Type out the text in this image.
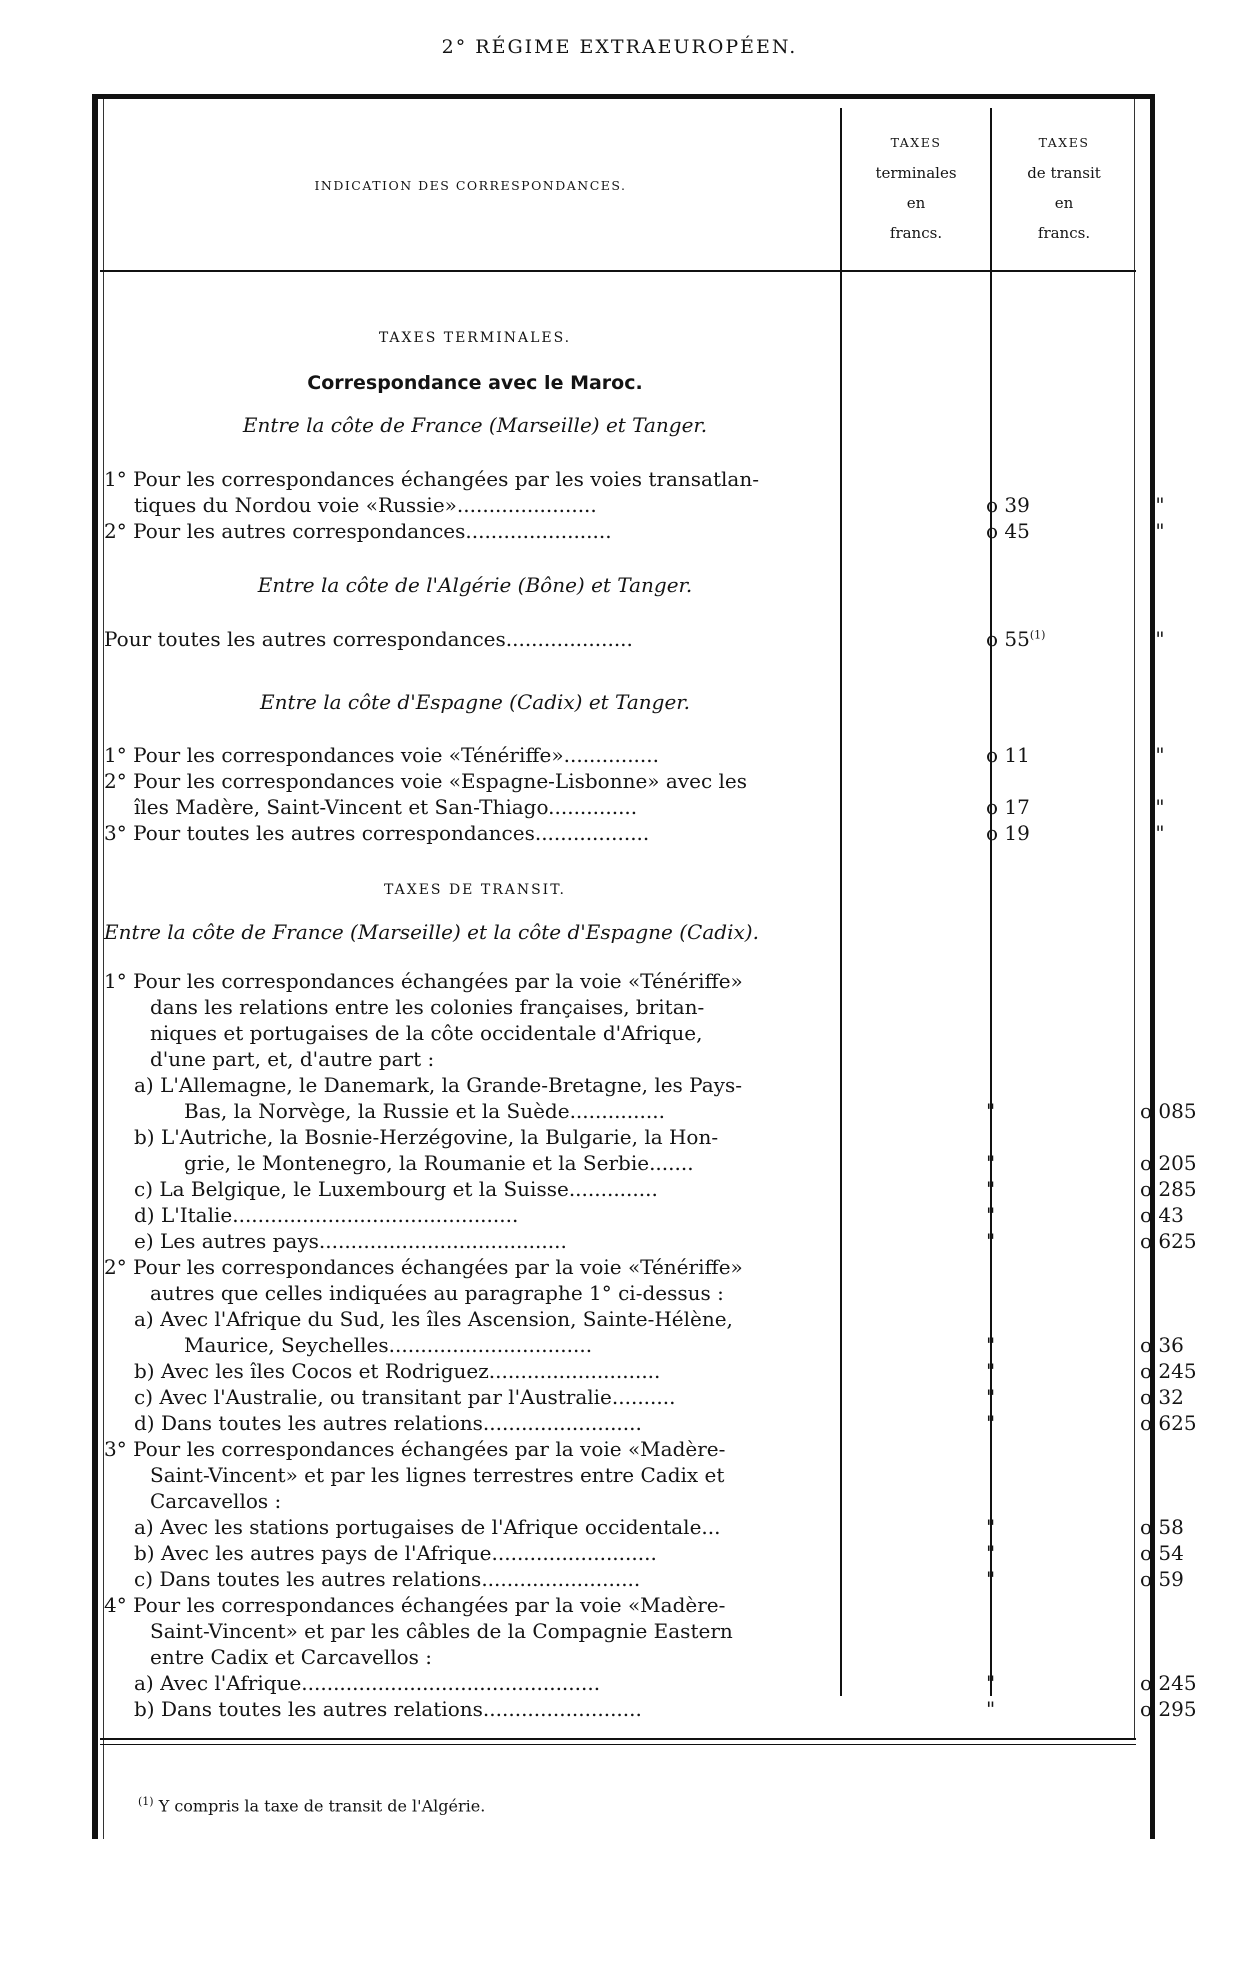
2° RÉGIME EXTRAEUROPÉEN.
INDICATION DES CORRESPONDANCES.
TAXES
terminales
en
francs.
TAXES
de transit
en
francs.
TAXES TERMINALES.
Correspondance avec le Maroc.
Entre la côte de France (Marseille) et Tanger.
1° Pour les correspondances échangées par les voies transatlan-
tiques du Nordou voie «Russie»......................	o 39	"
2° Pour les autres correspondances.......................	o 45	"
Entre la côte de l'Algérie (Bône) et Tanger.
Pour toutes les autres correspondances....................	o 55$^{(1)}$	"
Entre la côte d'Espagne (Cadix) et Tanger.
1° Pour les correspondances voie «Ténériffe»...............	o 11	"
2° Pour les correspondances voie «Espagne-Lisbonne» avec les
îles Madère, Saint-Vincent et San-Thiago..............	o 17	"
3° Pour toutes les autres correspondances..................	o 19	"
TAXES DE TRANSIT.
Entre la côte de France (Marseille) et la côte d'Espagne (Cadix).
1° Pour les correspondances échangées par la voie «Ténériffe»
dans les relations entre les colonies françaises, britan-
niques et portugaises de la côte occidentale d'Afrique,
d'une part, et, d'autre part :
a) L'Allemagne, le Danemark, la Grande-Bretagne, les Pays-
Bas, la Norvège, la Russie et la Suède...............	"	o 085
b) L'Autriche, la Bosnie-Herzégovine, la Bulgarie, la Hon-
grie, le Montenegro, la Roumanie et la Serbie.......	"	o 205
c) La Belgique, le Luxembourg et la Suisse..............	"	o 285
d) L'Italie.............................................	"	o 43
e) Les autres pays.......................................	"	o 625
2° Pour les correspondances échangées par la voie «Ténériffe»
autres que celles indiquées au paragraphe 1° ci-dessus :
a) Avec l'Afrique du Sud, les îles Ascension, Sainte-Hélène,
Maurice, Seychelles................................	"	o 36
b) Avec les îles Cocos et Rodriguez...........................	"	o 245
c) Avec l'Australie, ou transitant par l'Australie..........	"	o 32
d) Dans toutes les autres relations.........................	"	o 625
3° Pour les correspondances échangées par la voie «Madère-
Saint-Vincent» et par les lignes terrestres entre Cadix et
Carcavellos :
a) Avec les stations portugaises de l'Afrique occidentale...	"	o 58
b) Avec les autres pays de l'Afrique..........................	"	o 54
c) Dans toutes les autres relations.........................	"	o 59
4° Pour les correspondances échangées par la voie «Madère-
Saint-Vincent» et par les câbles de la Compagnie Eastern
entre Cadix et Carcavellos :
a) Avec l'Afrique...............................................	"	o 245
b) Dans toutes les autres relations.........................	"	o 295
$^{(1)}$ Y compris la taxe de transit de l'Algérie.
